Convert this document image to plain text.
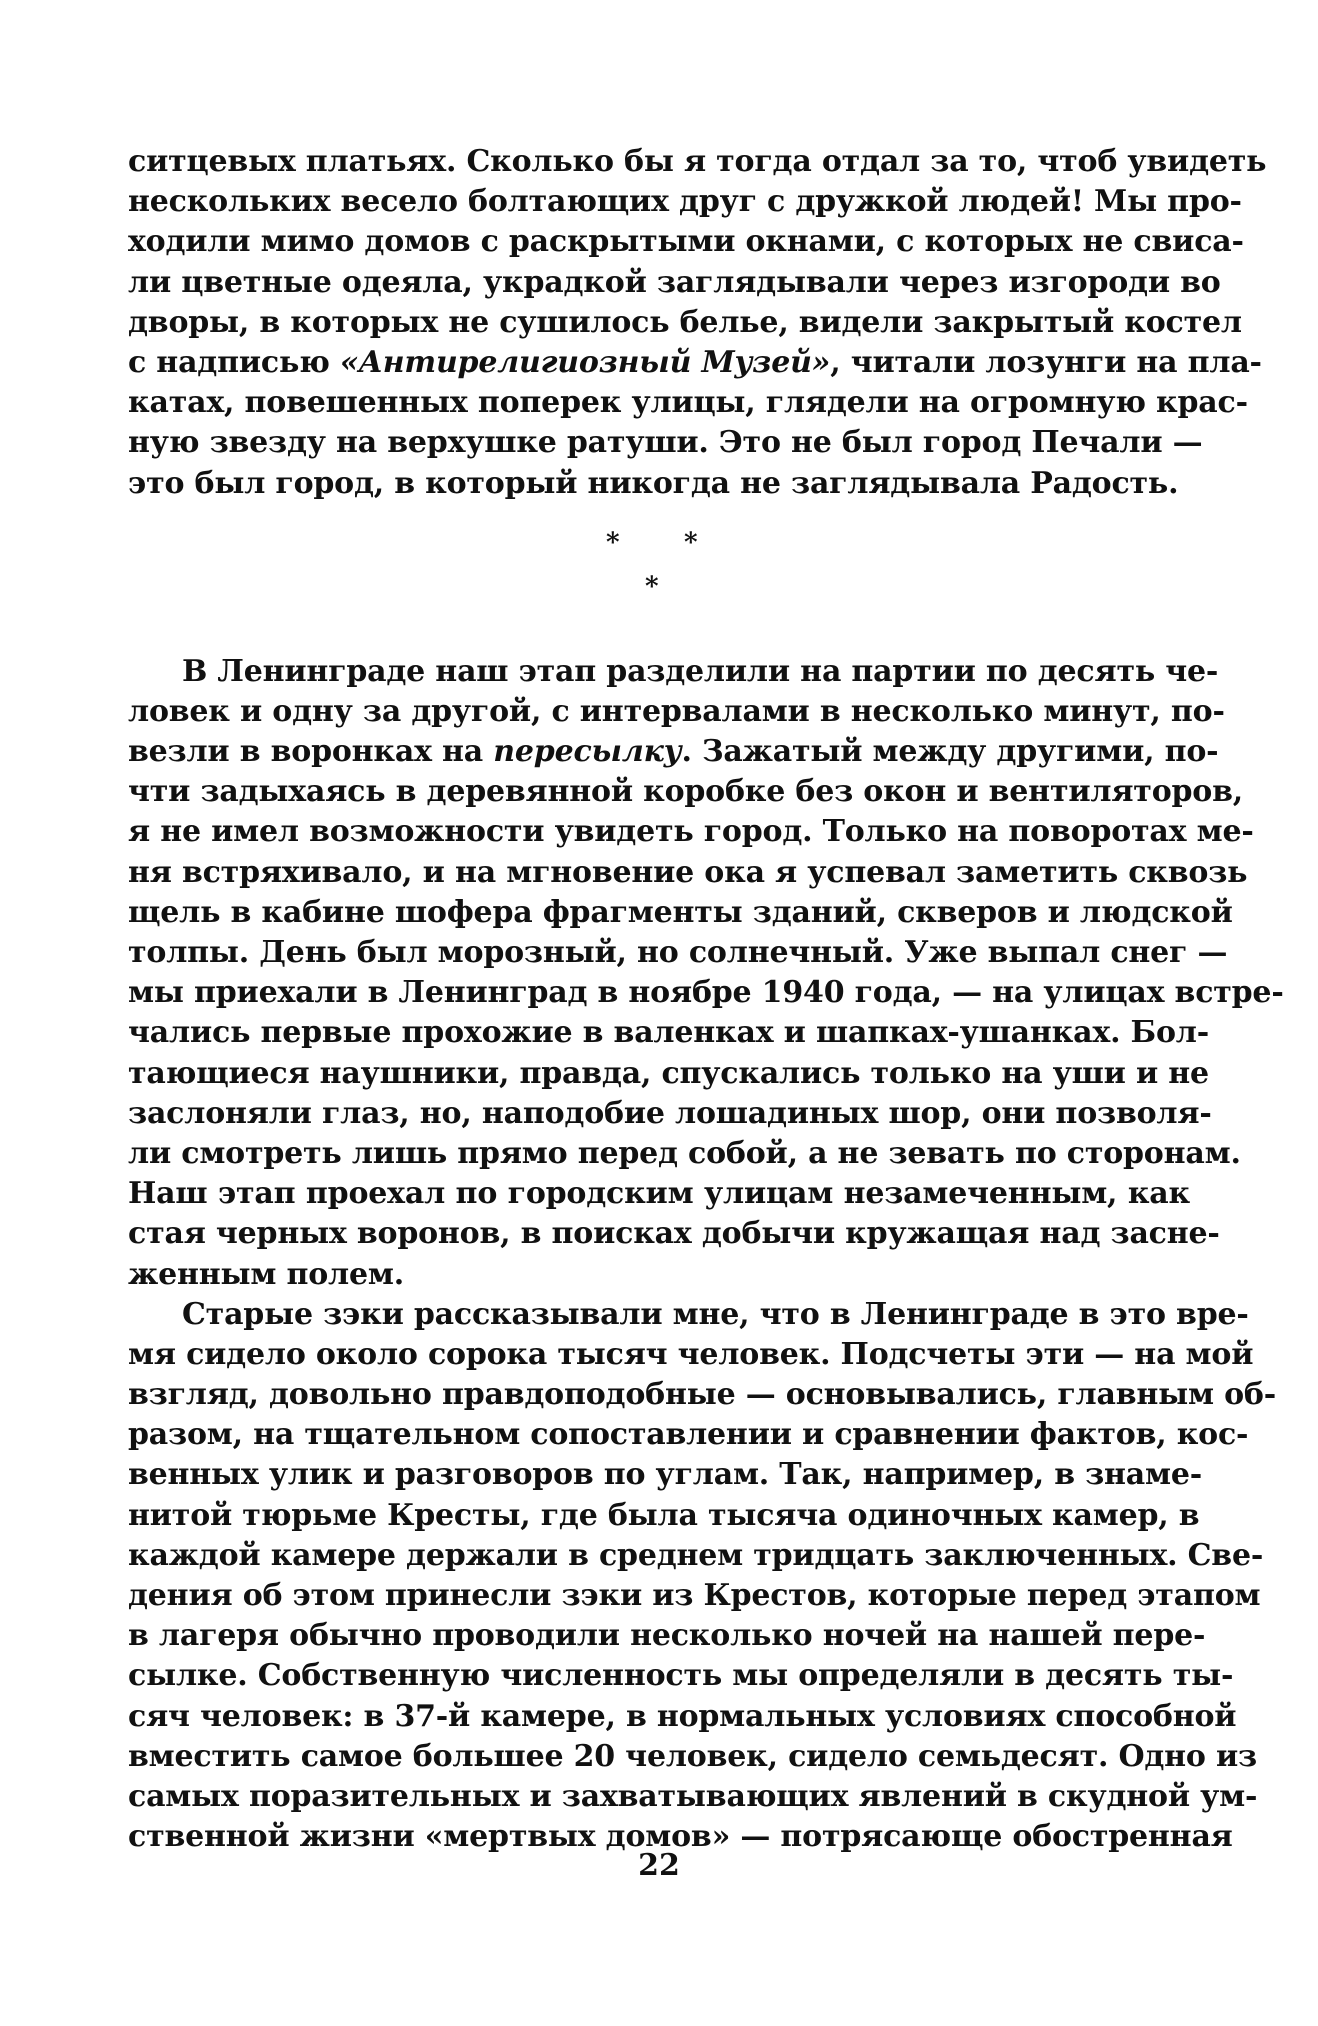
ситцевых платьях. Сколько бы я тогда отдал за то, чтоб увидеть
нескольких весело болтающих друг с дружкой людей! Мы про-
ходили мимо домов с раскрытыми окнами, с которых не свиса-
ли цветные одеяла, украдкой заглядывали через изгороди во
дворы, в которых не сушилось белье, видели закрытый костел
с надписью «Антирелигиозный Музей», читали лозунги на пла-
катах, повешенных поперек улицы, глядели на огромную крас-
ную звезду на верхушке ратуши. Это не был город Печали —
это был город, в который никогда не заглядывала Радость.
* *
*
В Ленинграде наш этап разделили на партии по десять че-
ловек и одну за другой, с интервалами в несколько минут, по-
везли в воронках на пересылку. Зажатый между другими, по-
чти задыхаясь в деревянной коробке без окон и вентиляторов,
я не имел возможности увидеть город. Только на поворотах ме-
ня встряхивало, и на мгновение ока я успевал заметить сквозь
щель в кабине шофера фрагменты зданий, скверов и людской
толпы. День был морозный, но солнечный. Уже выпал снег —
мы приехали в Ленинград в ноябре 1940 года, — на улицах встре-
чались первые прохожие в валенках и шапках-ушанках. Бол-
тающиеся наушники, правда, спускались только на уши и не
заслоняли глаз, но, наподобие лошадиных шор, они позволя-
ли смотреть лишь прямо перед собой, а не зевать по сторонам.
Наш этап проехал по городским улицам незамеченным, как
стая черных воронов, в поисках добычи кружащая над заснe-
женным полем.
Старые зэки рассказывали мне, что в Ленинграде в это вре-
мя сидело около сорока тысяч человек. Подсчеты эти — на мой
взгляд, довольно правдоподобные — основывались, главным об-
разом, на тщательном сопоставлении и сравнении фактов, кос-
венных улик и разговоров по углам. Так, например, в знаме-
нитой тюрьме Кресты, где была тысяча одиночных камер, в
каждой камере держали в среднем тридцать заключенных. Све-
дения об этом принесли зэки из Крестов, которые перед этапом
в лагеря обычно проводили несколько ночей на нашей пере-
сылке. Собственную численность мы определяли в десять ты-
сяч человек: в 37-й камере, в нормальных условиях способной
вместить самое большее 20 человек, сидело семьдесят. Одно из
самых поразительных и захватывающих явлений в скудной ум-
ственной жизни «мертвых домов» — потрясающе обостренная
22
